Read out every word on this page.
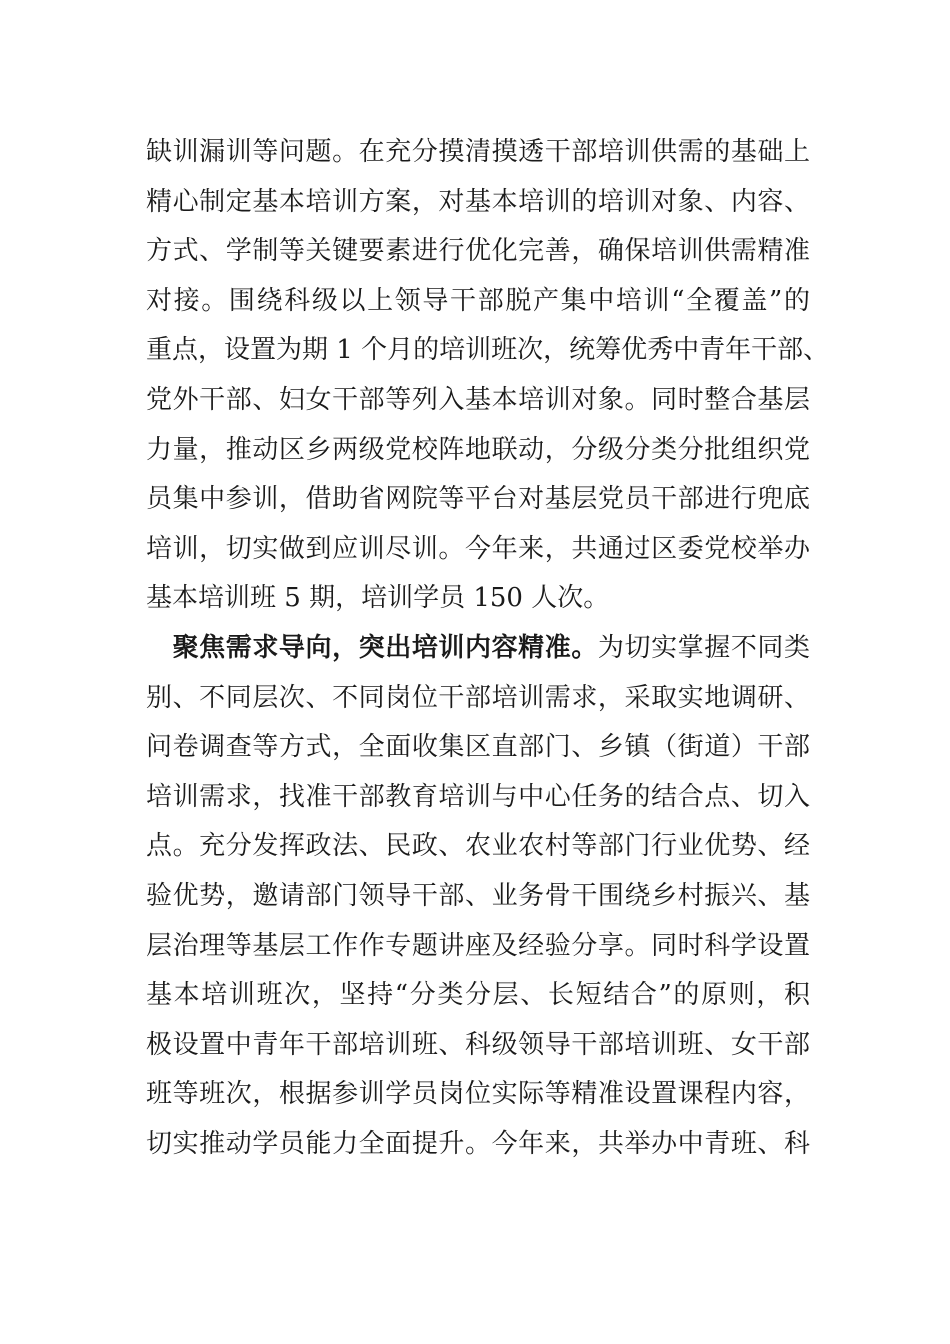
缺训漏训等问题。在充分摸清摸透干部培训供需的基础上
精心制定基本培训方案，对基本培训的培训对象、内容、
方式、学制等关键要素进行优化完善，确保培训供需精准
对接。围绕科级以上领导干部脱产集中培训“全覆盖”的
重点，设置为期 1 个月的培训班次，统筹优秀中青年干部、
党外干部、妇女干部等列入基本培训对象。同时整合基层
力量，推动区乡两级党校阵地联动，分级分类分批组织党
员集中参训，借助省网院等平台对基层党员干部进行兜底
培训，切实做到应训尽训。今年来，共通过区委党校举办
基本培训班 5 期，培训学员 150 人次。
聚焦需求导向，突出培训内容精准。为切实掌握不同类
别、不同层次、不同岗位干部培训需求，采取实地调研、
问卷调查等方式，全面收集区直部门、乡镇（街道）干部
培训需求，找准干部教育培训与中心任务的结合点、切入
点。充分发挥政法、民政、农业农村等部门行业优势、经
验优势，邀请部门领导干部、业务骨干围绕乡村振兴、基
层治理等基层工作作专题讲座及经验分享。同时科学设置
基本培训班次，坚持“分类分层、长短结合”的原则，积
极设置中青年干部培训班、科级领导干部培训班、女干部
班等班次，根据参训学员岗位实际等精准设置课程内容，
切实推动学员能力全面提升。今年来，共举办中青班、科
